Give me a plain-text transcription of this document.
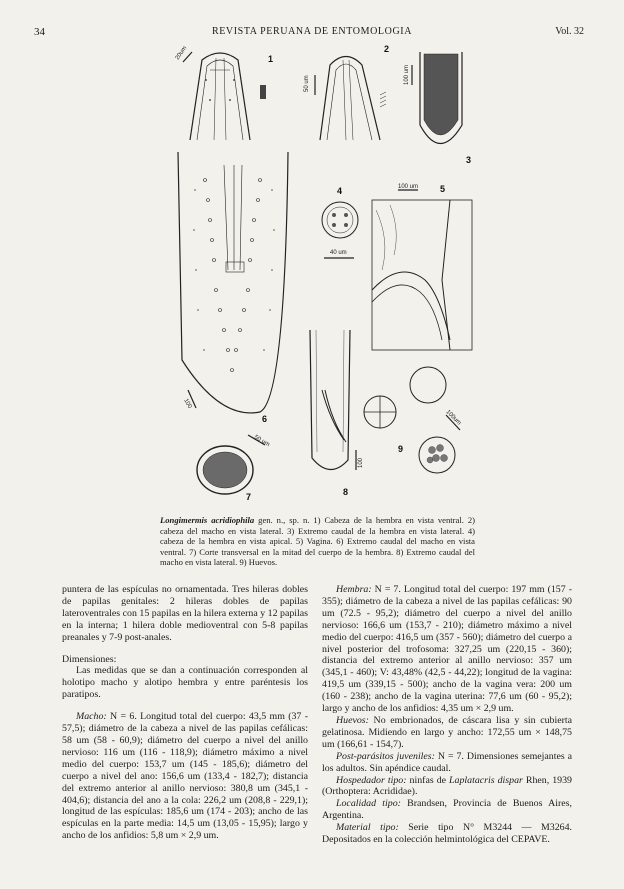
34	REVISTA PERUANA DE ENTOMOLOGIA	Vol. 32
20um	1
50 um
2
100 um
3
100
6
40 um
4	100 um 5
100
8
50 um
7
100um
9
Longimermis acridiophila gen. n., sp. n. 1) Cabeza de la hembra en vista ventral. 2) cabeza del macho en vista lateral. 3) Extremo caudal de la hembra en vista lateral. 4) cabeza de la hembra en vista apical. 5) Vagina. 6) Extremo caudal del macho en vista ventral. 7) Corte transversal en la mitad del cuerpo de la hembra. 8) Extremo caudal del macho en vista lateral. 9) Huevos.

puntera de las espículas no ornamentada. Tres hileras dobles de papilas genitales: 2 hileras dobles de papilas lateroventrales con 15 papilas en la hilera externa y 12 papilas en la interna; 1 hilera doble medioventral con 5-8 papilas preanales y 7-9 post-anales.

Dimensiones:

Las medidas que se dan a continuación corresponden al holotipo macho y alotipo hembra y entre paréntesis los paratipos.

Macho: N = 6. Longitud total del cuerpo: 43,5 mm (37 - 57,5); diámetro de la cabeza a nivel de las papilas cefálicas: 58 um (58 - 60,9); diámetro del cuerpo a nivel del anillo nervioso: 116 um (116 - 118,9); diámetro máximo a nivel medio del cuerpo: 153,7 um (145 - 185,6); diámetro del cuerpo a nivel del ano: 156,6 um (133,4 - 182,7); distancia del extremo anterior al anillo nervioso: 380,8 um (345,1 - 404,6); distancia del ano a la cola: 226,2 um (208,8 - 229,1); longitud de las espículas: 185,6 um (174 - 203); ancho de las espículas en la parte media: 14,5 um (13,05 - 15,95); largo y ancho de los anfidios: 5,8 um × 2,9 um.

Hembra: N = 7. Longitud total del cuerpo: 197 mm (157 - 355); diámetro de la cabeza a nivel de las papilas cefálicas: 90 um (72.5 - 95,2); diámetro del cuerpo a nivel del anillo nervioso: 166,6 um (153,7 - 210); diámetro máximo a nivel medio del cuerpo: 416,5 um (357 - 560); diámetro del cuerpo a nivel posterior del trofosoma: 327,25 um (220,15 - 360); distancia del extremo anterior al anillo nervioso: 357 um (345,1 - 460); V: 43,48% (42,5 - 44,22); longitud de la vagina: 419,5 um (339,15 - 500); ancho de la vagina vera: 200 um (160 - 238); ancho de la vagina uterina: 77,6 um (60 - 95,2); largo y ancho de los anfidios: 4,35 um × 2,9 um.

Huevos: No embrionados, de cáscara lisa y sin cubierta gelatinosa. Midiendo en largo y ancho: 172,55 um × 148,75 um (166,61 - 154,7).

Post-parásitos juveniles: N = 7. Dimensiones semejantes a los adultos. Sin apéndice caudal.

Hospedador tipo: ninfas de Laplatacris dispar Rhen, 1939 (Orthoptera: Acrididae).

Localidad tipo: Brandsen, Provincia de Buenos Aires, Argentina.

Material tipo: Serie tipo N° M3244 — M3264. Depositados en la colección helmintológica del CEPAVE.
